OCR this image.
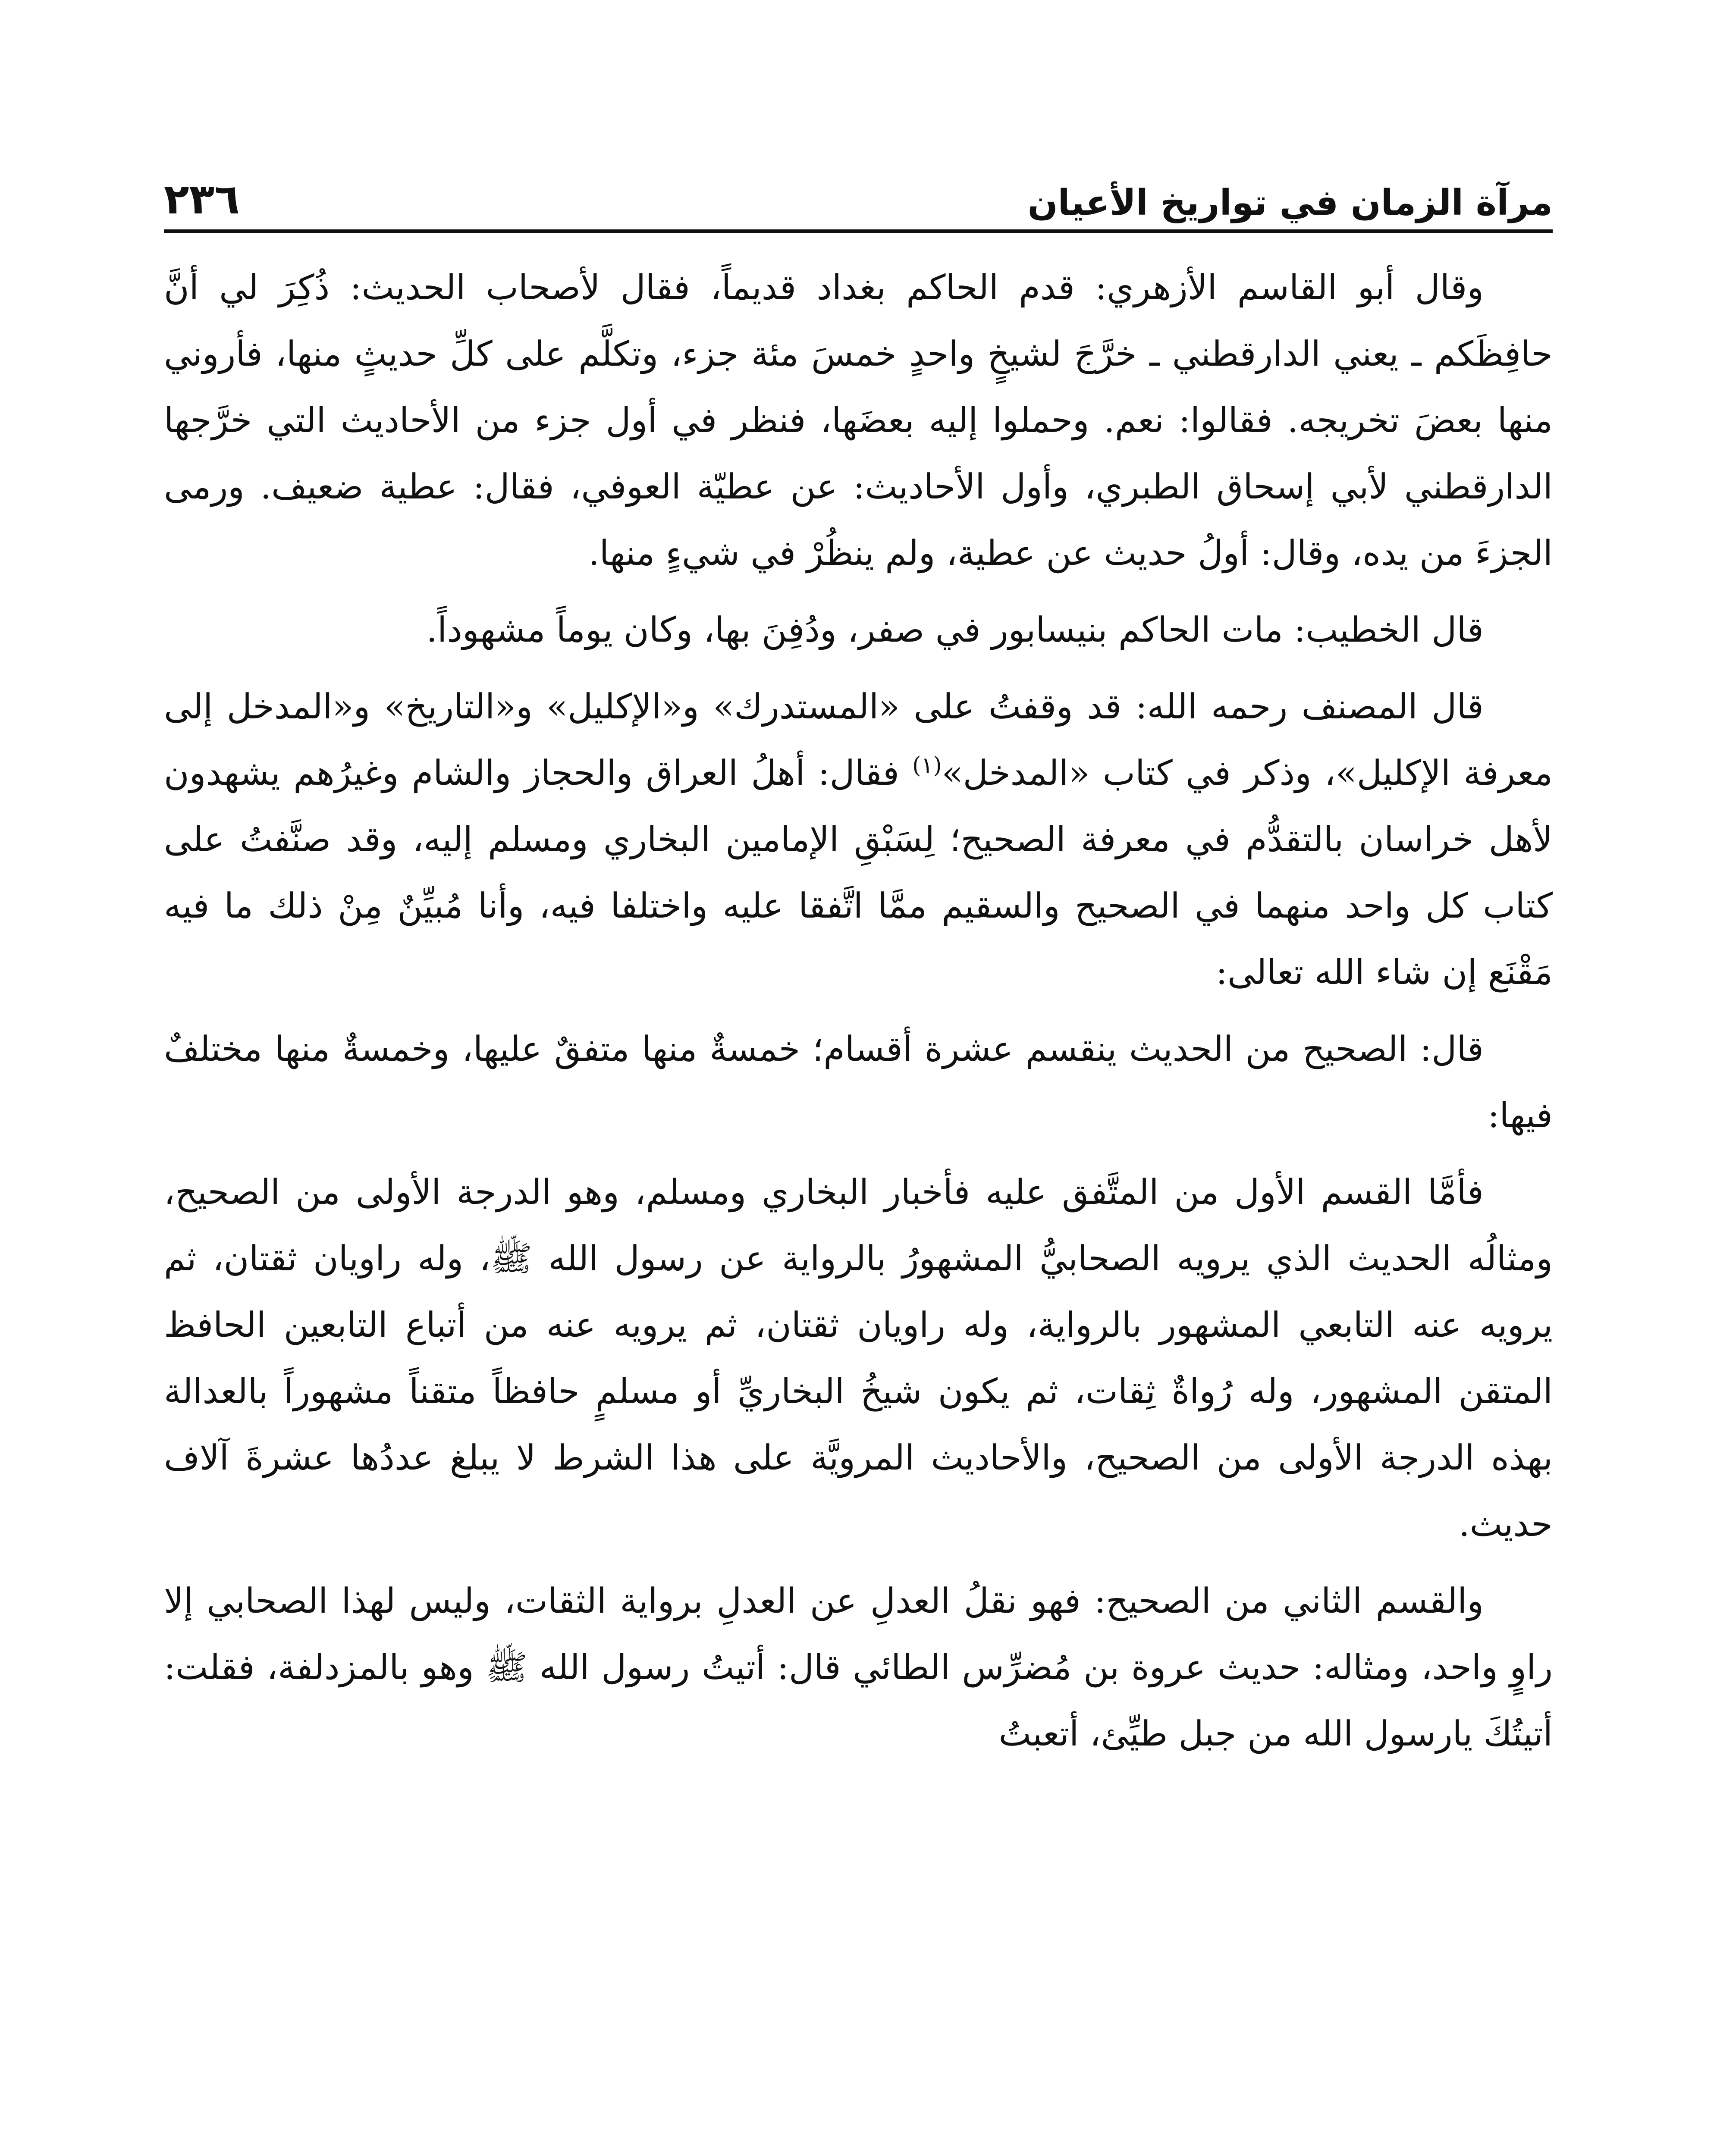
مرآة الزمان في تواريخ الأعيان
٢٣٦

وقال أبو القاسم الأزهري: قدم الحاكم بغداد قديماً، فقال لأصحاب الحديث: ذُكِرَ لي أنَّ حافِظَكم ـ يعني الدارقطني ـ خرَّجَ لشيخٍ واحدٍ خمسَ مئة جزء، وتكلَّم على كلِّ حديثٍ منها، فأروني منها بعضَ تخريجه. فقالوا: نعم. وحملوا إليه بعضَها، فنظر في أول جزء من الأحاديث التي خرَّجها الدارقطني لأبي إسحاق الطبري، وأول الأحاديث: عن عطيّة العوفي، فقال: عطية ضعيف. ورمى الجزءَ من يده، وقال: أولُ حديث عن عطية، ولم ينظُرْ في شيءٍ منها.

قال الخطيب: مات الحاكم بنيسابور في صفر، ودُفِنَ بها، وكان يوماً مشهوداً.

قال المصنف رحمه الله: قد وقفتُ على «المستدرك» و«الإكليل» و«التاريخ» و«المدخل إلى معرفة الإكليل»، وذكر في كتاب «المدخل»$^{(١)}$ فقال: أهلُ العراق والحجاز والشام وغيرُهم يشهدون لأهل خراسان بالتقدُّم في معرفة الصحيح؛ لِسَبْقِ الإمامين البخاري ومسلم إليه، وقد صنَّفتُ على كتاب كل واحد منهما في الصحيح والسقيم ممَّا اتَّفقا عليه واختلفا فيه، وأنا مُبيِّنٌ مِنْ ذلك ما فيه مَقْنَع إن شاء الله تعالى:

قال: الصحيح من الحديث ينقسم عشرة أقسام؛ خمسةٌ منها متفقٌ عليها، وخمسةٌ منها مختلفٌ فيها:

فأمَّا القسم الأول من المتَّفق عليه فأخبار البخاري ومسلم، وهو الدرجة الأولى من الصحيح، ومثالُه الحديث الذي يرويه الصحابيُّ المشهورُ بالرواية عن رسول الله ﷺ، وله راويان ثقتان، ثم يرويه عنه التابعي المشهور بالرواية، وله راويان ثقتان، ثم يرويه عنه من أتباع التابعين الحافظ المتقن المشهور، وله رُواةٌ ثِقات، ثم يكون شيخُ البخاريِّ أو مسلمٍ حافظاً متقناً مشهوراً بالعدالة بهذه الدرجة الأولى من الصحيح، والأحاديث المرويَّة على هذا الشرط لا يبلغ عددُها عشرةَ آلاف حديث.

والقسم الثاني من الصحيح: فهو نقلُ العدلِ عن العدلِ برواية الثقات، وليس لهذا الصحابي إلا راوٍ واحد، ومثاله: حديث عروة بن مُضرِّس الطائي قال: أتيتُ رسول الله ﷺ وهو بالمزدلفة، فقلت: أتيتُكَ يارسول الله من جبل طيِّئ، أتعبتُ
